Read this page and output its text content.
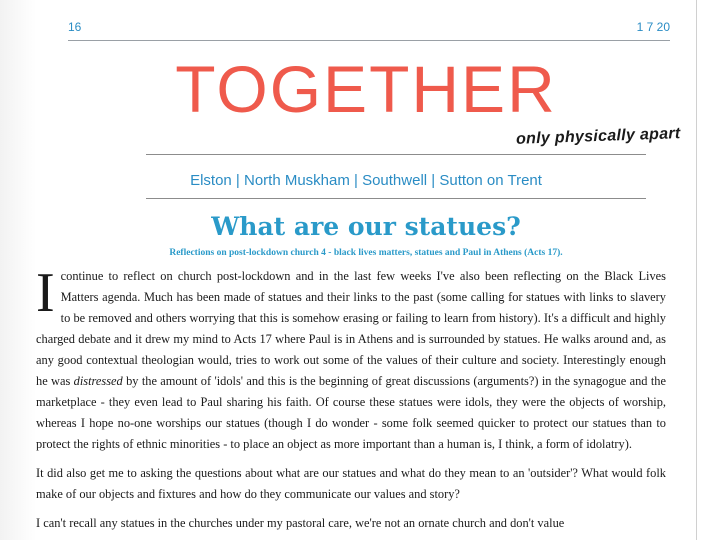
16	1 7 20
TOGETHER
only physically apart
Elston | North Muskham | Southwell | Sutton on Trent
What are our statues?
Reflections on post-lockdown church 4 - black lives matters, statues and Paul in Athens (Acts 17).

Icontinue to reflect on church post-lockdown and in the last few weeks I've also been reflecting on the Black Lives Matters agenda. Much has been made of statues and their links to the past (some calling for statues with links to slavery to be removed and others worrying that this is somehow erasing or failing to learn from history). It's a difficult and highly charged debate and it drew my mind to Acts 17 where Paul is in Athens and is surrounded by statues. He walks around and, as any good contextual theologian would, tries to work out some of the values of their culture and society. Interestingly enough he was distressed by the amount of 'idols' and this is the beginning of great discussions (arguments?) in the synagogue and the marketplace - they even lead to Paul sharing his faith. Of course these statues were idols, they were the objects of worship, whereas I hope no-one worships our statues (though I do wonder - some folk seemed quicker to protect our statues than to protect the rights of ethnic minorities - to place an object as more important than a human is, I think, a form of idolatry).

It did also get me to asking the questions about what are our statues and what do they mean to an 'outsider'? What would folk make of our objects and fixtures and how do they communicate our values and story?

I can't recall any statues in the churches under my pastoral care, we're not an ornate church and don't value
